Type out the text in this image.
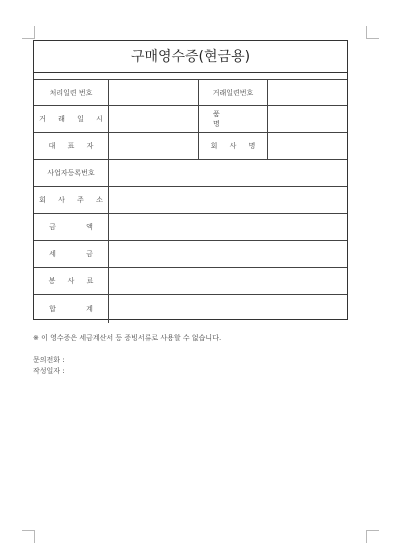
구매영수증(현금용)
처리일련 번호	거래일련번호
거 래 일 시
품 명
대 표 자	회 사 명
사업자등록번호
회 사 주 소
금 액
세 금
봉 사 료
합 계
※ 이 영수증은 세금계산서 등 증빙서류로 사용할 수 없습니다.
문의전화 :
작성일자 :
